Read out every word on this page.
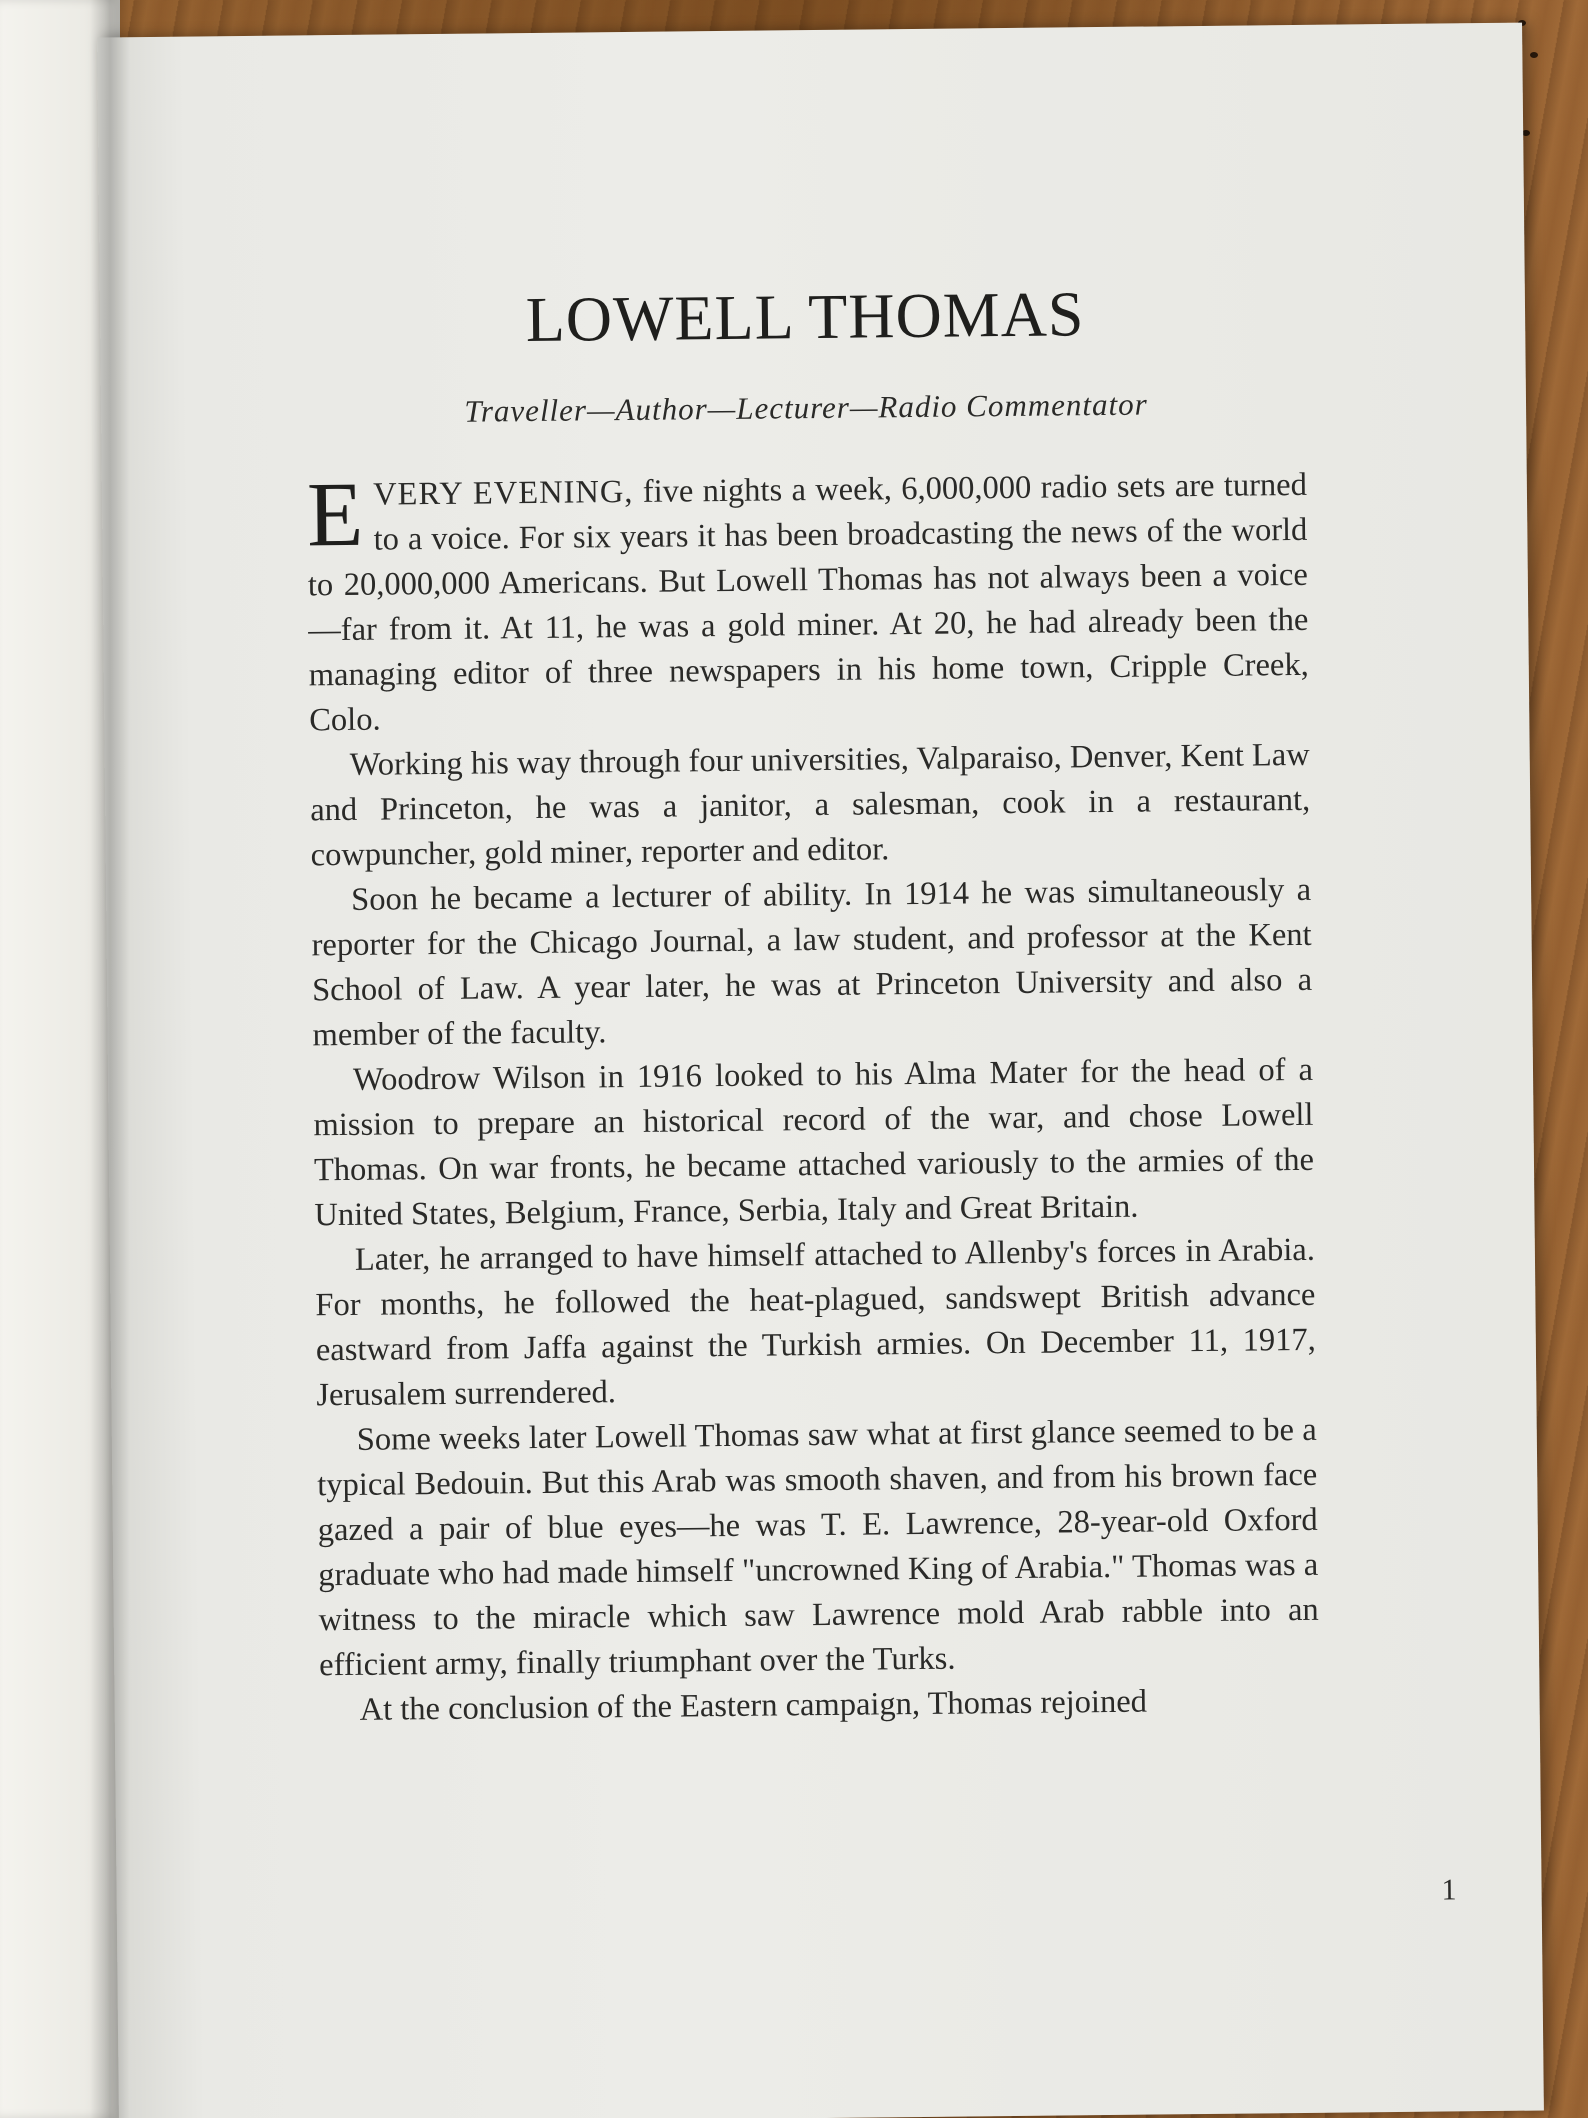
LOWELL THOMAS
Traveller—Author—Lecturer—Radio Commentator

EVERY EVENING, five nights a week, 6,000,000 radio sets are turned to a voice. For six years it has been broadcasting the news of the world to 20,000,000 Americans. But Lowell Thomas has not always been a voice—far from it. At 11, he was a gold miner. At 20, he had already been the managing editor of three newspapers in his home town, Cripple Creek, Colo.

Working his way through four universities, Valparaiso, Denver, Kent Law and Princeton, he was a janitor, a salesman, cook in a restaurant, cowpuncher, gold miner, reporter and editor.

Soon he became a lecturer of ability. In 1914 he was simultaneously a reporter for the Chicago Journal, a law student, and professor at the Kent School of Law. A year later, he was at Princeton University and also a member of the faculty.

Woodrow Wilson in 1916 looked to his Alma Mater for the head of a mission to prepare an historical record of the war, and chose Lowell Thomas. On war fronts, he became attached variously to the armies of the United States, Belgium, France, Serbia, Italy and Great Britain.

Later, he arranged to have himself attached to Allenby's forces in Arabia. For months, he followed the heat-plagued, sandswept British advance eastward from Jaffa against the Turkish armies. On December 11, 1917, Jerusalem surrendered.

Some weeks later Lowell Thomas saw what at first glance seemed to be a typical Bedouin. But this Arab was smooth shaven, and from his brown face gazed a pair of blue eyes—he was T. E. Lawrence, 28-year-old Oxford graduate who had made himself "uncrowned King of Arabia." Thomas was a witness to the miracle which saw Lawrence mold Arab rabble into an efficient army, finally triumphant over the Turks.

At the conclusion of the Eastern campaign, Thomas rejoined

1
